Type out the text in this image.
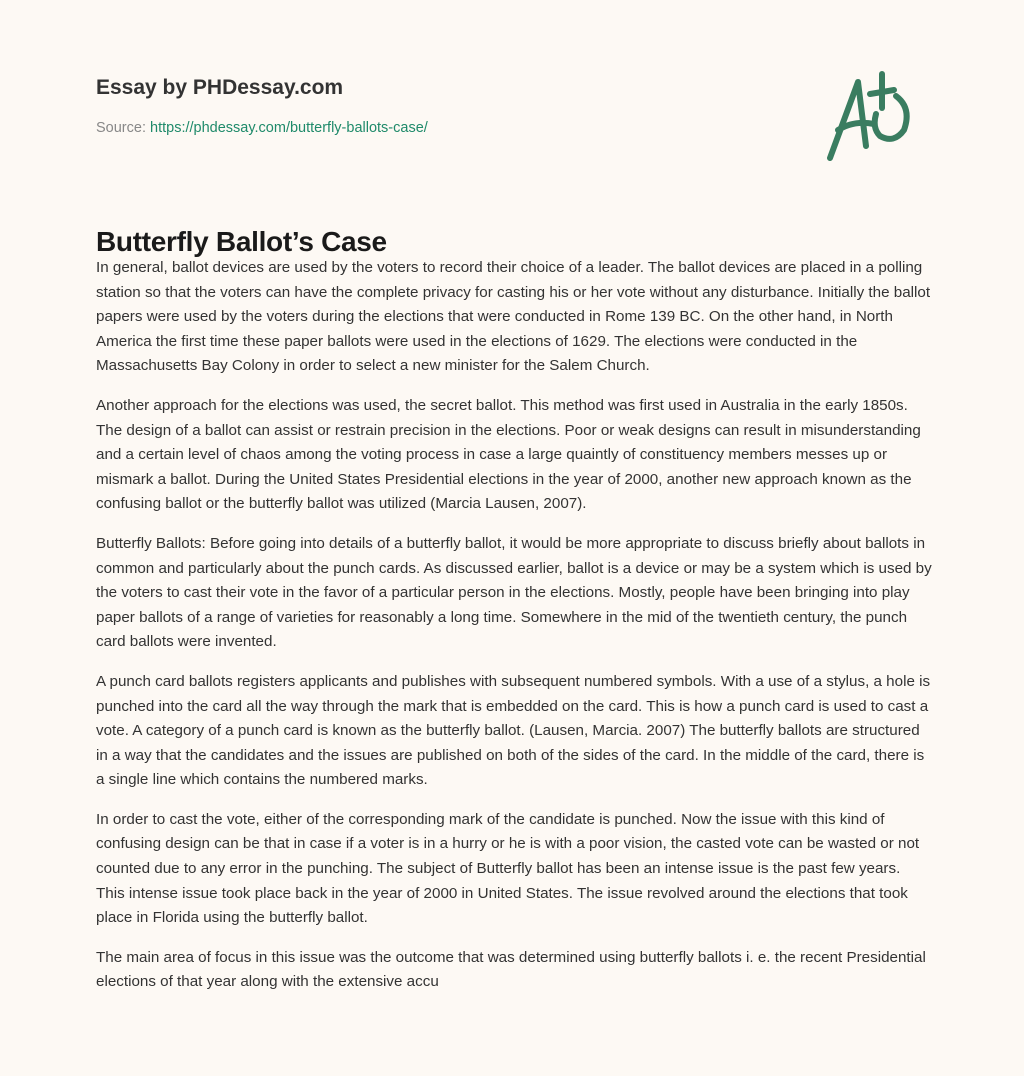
Essay by PHDessay.com
Source: https://phdessay.com/butterfly-ballots-case/
Butterfly Ballot’s Case

In general, ballot devices are used by the voters to record their choice of a leader. The ballot devices are placed in a polling station so that the voters can have the complete privacy for casting his or her vote without any disturbance. Initially the ballot papers were used by the voters during the elections that were conducted in Rome 139 BC. On the other hand, in North America the first time these paper ballots were used in the elections of 1629. The elections were conducted in the Massachusetts Bay Colony in order to select a new minister for the Salem Church.

Another approach for the elections was used, the secret ballot. This method was first used in Australia in the early 1850s. The design of a ballot can assist or restrain precision in the elections. Poor or weak designs can result in misunderstanding and a certain level of chaos among the voting process in case a large quaintly of constituency members messes up or mismark a ballot. During the United States Presidential elections in the year of 2000, another new approach known as the confusing ballot or the butterfly ballot was utilized (Marcia Lausen, 2007).

Butterfly Ballots: Before going into details of a butterfly ballot, it would be more appropriate to discuss briefly about ballots in common and particularly about the punch cards. As discussed earlier, ballot is a device or may be a system which is used by the voters to cast their vote in the favor of a particular person in the elections. Mostly, people have been bringing into play paper ballots of a range of varieties for reasonably a long time. Somewhere in the mid of the twentieth century, the punch card ballots were invented.

A punch card ballots registers applicants and publishes with subsequent numbered symbols. With a use of a stylus, a hole is punched into the card all the way through the mark that is embedded on the card. This is how a punch card is used to cast a vote. A category of a punch card is known as the butterfly ballot. (Lausen, Marcia. 2007) The butterfly ballots are structured in a way that the candidates and the issues are published on both of the sides of the card. In the middle of the card, there is a single line which contains the numbered marks.

In order to cast the vote, either of the corresponding mark of the candidate is punched. Now the issue with this kind of confusing design can be that in case if a voter is in a hurry or he is with a poor vision, the casted vote can be wasted or not counted due to any error in the punching. The subject of Butterfly ballot has been an intense issue is the past few years. This intense issue took place back in the year of 2000 in United States. The issue revolved around the elections that took place in Florida using the butterfly ballot.

The main area of focus in this issue was the outcome that was determined using butterfly ballots i. e. the recent Presidential elections of that year along with the extensive accu
